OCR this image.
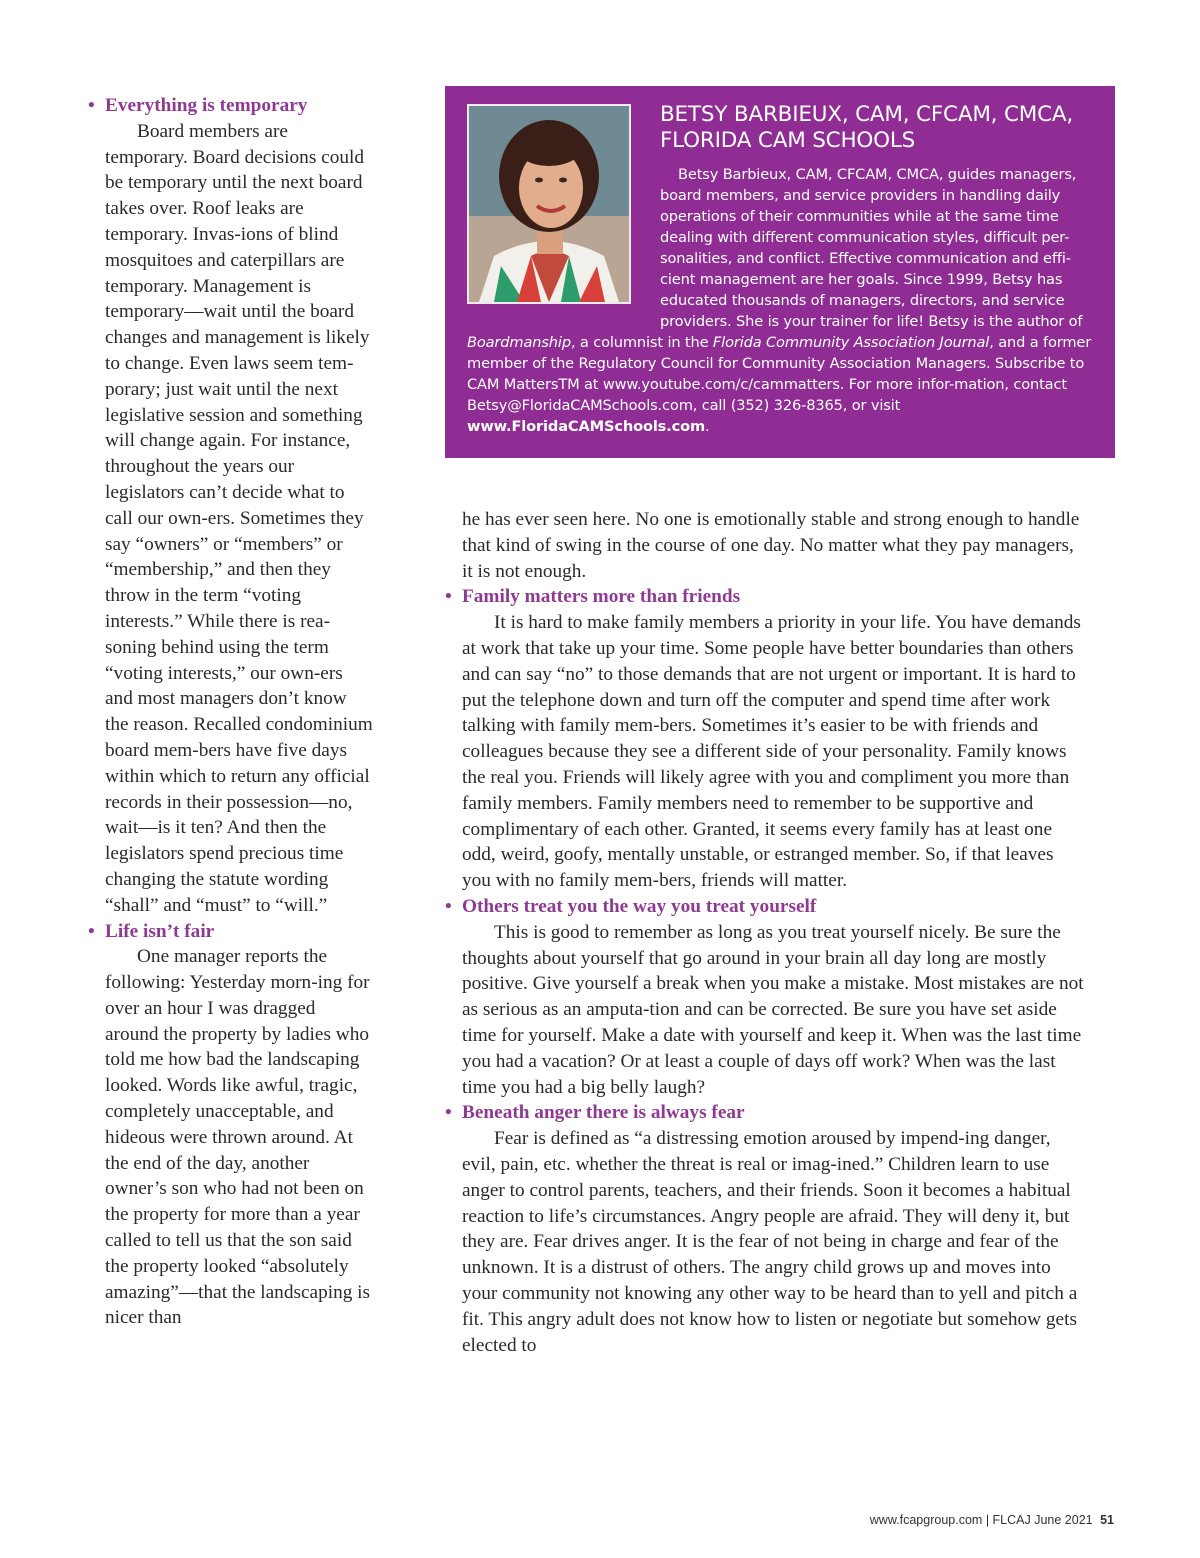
• Everything is temporary
Board members are temporary. Board decisions could be temporary until the next board takes over. Roof leaks are temporary. Invas-ions of blind mosquitoes and caterpillars are temporary. Management is temporary—wait until the board changes and management is likely to change. Even laws seem tem-porary; just wait until the next legislative session and something will change again. For instance, throughout the years our legislators can’t decide what to call our own-ers. Sometimes they say “owners” or “members” or “membership,” and then they throw in the term “voting interests.” While there is rea-soning behind using the term “voting interests,” our own-ers and most managers don’t know the reason. Recalled condominium board mem-bers have five days within which to return any official records in their possession—no, wait—is it ten? And then the legislators spend precious time changing the statute wording “shall” and “must” to “will.”
• Life isn’t fair
One manager reports the following: Yesterday morn-ing for over an hour I was dragged around the property by ladies who told me how bad the landscaping looked. Words like awful, tragic, completely unacceptable, and hideous were thrown around. At the end of the day, another owner’s son who had not been on the property for more than a year called to tell us that the son said the property looked “absolutely amazing”—that the landscaping is nicer than
BETSY BARBIEUX, CAM, CFCAM, CMCA, FLORIDA CAM SCHOOLS
Betsy Barbieux, CAM, CFCAM, CMCA, guides managers, board members, and service providers in handling daily operations of their communities while at the same time dealing with different communication styles, difficult per-sonalities, and conflict. Effective communication and effi-cient management are her goals. Since 1999, Betsy has educated thousands of managers, directors, and service providers. She is your trainer for life! Betsy is the author of Boardmanship, a columnist in the Florida Community Association Journal, and a former member of the Regulatory Council for Community Association Managers. Subscribe to CAM MattersTM at www.youtube.com/c/cammatters. For more infor-mation, contact Betsy@FloridaCAMSchools.com, call (352) 326-8365, or visit www.FloridaCAMSchools.com.
he has ever seen here. No one is emotionally stable and strong enough to handle that kind of swing in the course of one day. No matter what they pay managers, it is not enough.
• Family matters more than friends
It is hard to make family members a priority in your life. You have demands at work that take up your time. Some people have better boundaries than others and can say “no” to those demands that are not urgent or important. It is hard to put the telephone down and turn off the computer and spend time after work talking with family mem-bers. Sometimes it’s easier to be with friends and colleagues because they see a different side of your personality. Family knows the real you. Friends will likely agree with you and compliment you more than family members. Family members need to remember to be supportive and complimentary of each other. Granted, it seems every family has at least one odd, weird, goofy, mentally unstable, or estranged member. So, if that leaves you with no family mem-bers, friends will matter.
• Others treat you the way you treat yourself
This is good to remember as long as you treat yourself nicely. Be sure the thoughts about yourself that go around in your brain all day long are mostly positive. Give yourself a break when you make a mistake. Most mistakes are not as serious as an amputa-tion and can be corrected. Be sure you have set aside time for yourself. Make a date with yourself and keep it. When was the last time you had a vacation? Or at least a couple of days off work? When was the last time you had a big belly laugh?
• Beneath anger there is always fear
Fear is defined as “a distressing emotion aroused by impend-ing danger, evil, pain, etc. whether the threat is real or imag-ined.” Children learn to use anger to control parents, teachers, and their friends. Soon it becomes a habitual reaction to life’s circumstances. Angry people are afraid. They will deny it, but they are. Fear drives anger. It is the fear of not being in charge and fear of the unknown. It is a distrust of others. The angry child grows up and moves into your community not knowing any other way to be heard than to yell and pitch a fit. This angry adult does not know how to listen or negotiate but somehow gets elected to
www.fcapgroup.com | FLCAJ June 2021 51
